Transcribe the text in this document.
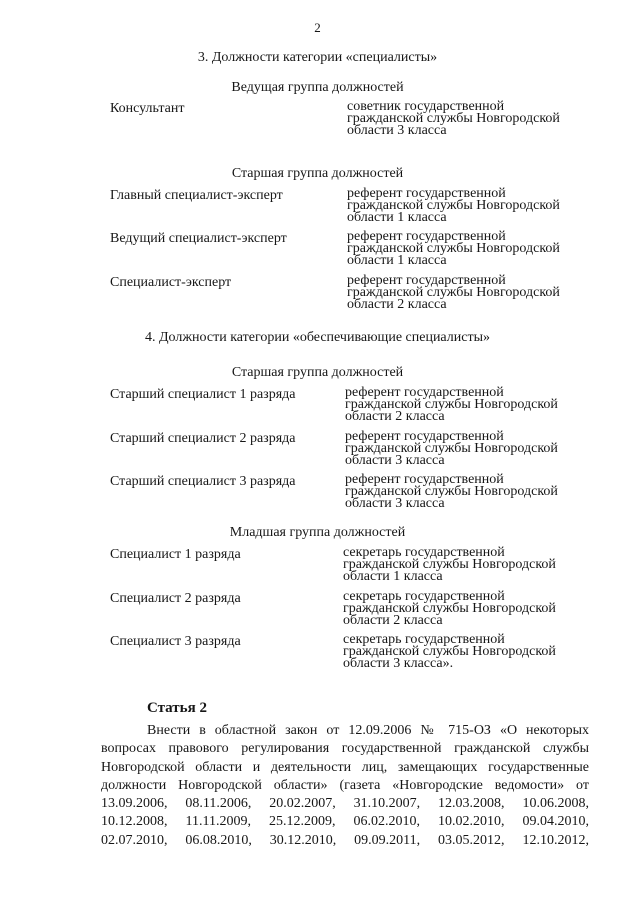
2
3. Должности категории «специалисты»
Ведущая группа должностей
Консультант	советник государственной
гражданской службы Новгородской
области 3 класса
Старшая группа должностей
Главный специалист-эксперт	референт государственной
гражданской службы Новгородской
области 1 класса
Ведущий специалист-эксперт	референт государственной
гражданской службы Новгородской
области 1 класса
Специалист-эксперт	референт государственной
гражданской службы Новгородской
области 2 класса
4. Должности категории «обеспечивающие специалисты»
Старшая группа должностей
Старший специалист 1 разряда	референт государственной
гражданской службы Новгородской
области 2 класса
Старший специалист 2 разряда	референт государственной
гражданской службы Новгородской
области 3 класса
Старший специалист 3 разряда	референт государственной
гражданской службы Новгородской
области 3 класса
Младшая группа должностей
Специалист 1 разряда	секретарь государственной
гражданской службы Новгородской
области 1 класса
Специалист 2 разряда	секретарь государственной
гражданской службы Новгородской
области 2 класса
Специалист 3 разряда	секретарь государственной
гражданской службы Новгородской
области 3 класса».
Статья 2
Внести в областной закон от 12.09.2006 № 715-ОЗ «О некоторых
вопросах правового регулирования государственной гражданской службы
Новгородской области и деятельности лиц, замещающих государственные
должности Новгородской области» (газета «Новгородские ведомости» от
13.09.2006, 08.11.2006, 20.02.2007, 31.10.2007, 12.03.2008, 10.06.2008,
10.12.2008, 11.11.2009, 25.12.2009, 06.02.2010, 10.02.2010, 09.04.2010,
02.07.2010, 06.08.2010, 30.12.2010, 09.09.2011, 03.05.2012, 12.10.2012,
